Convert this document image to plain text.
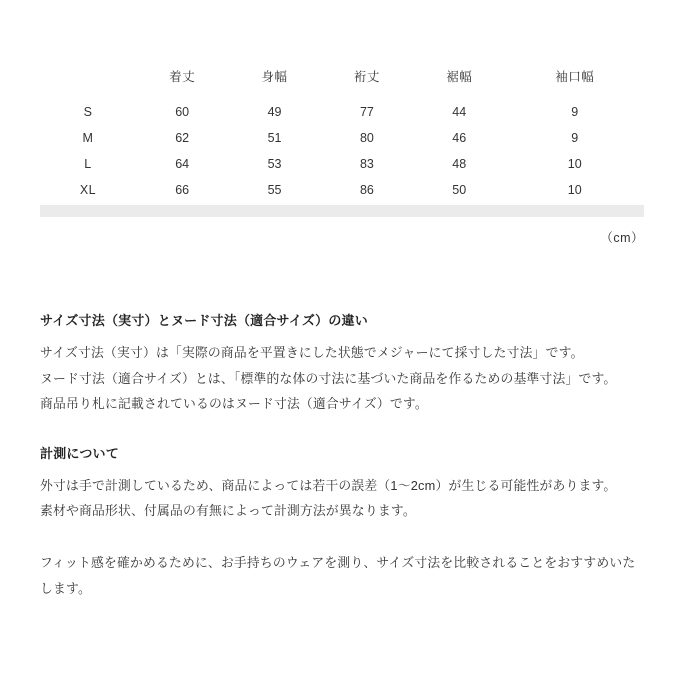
	着丈	身幅	裄丈	裾幅	袖口幅
S	60	49	77	44	9
M	62	51	80	46	9
L	64	53	83	48	10
XL	66	55	86	50	10
（cm）
サイズ寸法（実寸）とヌード寸法（適合サイズ）の違い
サイズ寸法（実寸）は「実際の商品を平置きにした状態でメジャーにて採寸した寸法」です。
ヌード寸法（適合サイズ）とは、「標準的な体の寸法に基づいた商品を作るための基準寸法」です。
商品吊り札に記載されているのはヌード寸法（適合サイズ）です。
計測について
外寸は手で計測しているため、商品によっては若干の誤差（1〜2cm）が生じる可能性があります。
素材や商品形状、付属品の有無によって計測方法が異なります。
フィット感を確かめるために、お手持ちのウェアを測り、サイズ寸法を比較されることをおすすめいたします。
